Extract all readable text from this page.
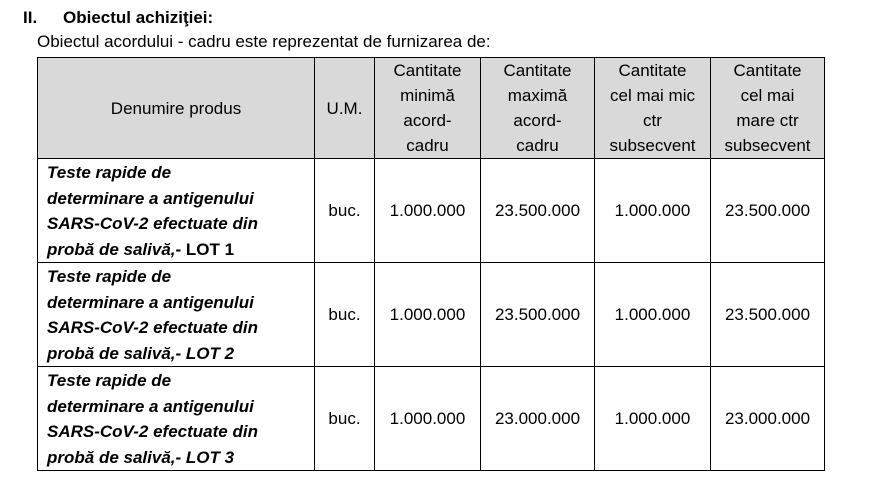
II. Obiectul achiziţiei:
Obiectul acordului - cadru este reprezentat de furnizarea de:
Denumire produs	U.M.	Cantitate
minimă
acord-
cadru	Cantitate
maximă
acord-
cadru	Cantitate
cel mai mic
ctr
subsecvent	Cantitate
cel mai
mare ctr
subsecvent

Teste rapide de
determinare a antigenului
SARS-CoV-2 efectuate din
probă de salivă,- LOT 1	buc.	1.000.000	23.500.000	1.000.000	23.500.000
Teste rapide de
determinare a antigenului
SARS-CoV-2 efectuate din
probă de salivă,- LOT 2	buc.	1.000.000	23.500.000	1.000.000	23.500.000
Teste rapide de
determinare a antigenului
SARS-CoV-2 efectuate din
probă de salivă,- LOT 3	buc.	1.000.000	23.000.000	1.000.000	23.000.000
